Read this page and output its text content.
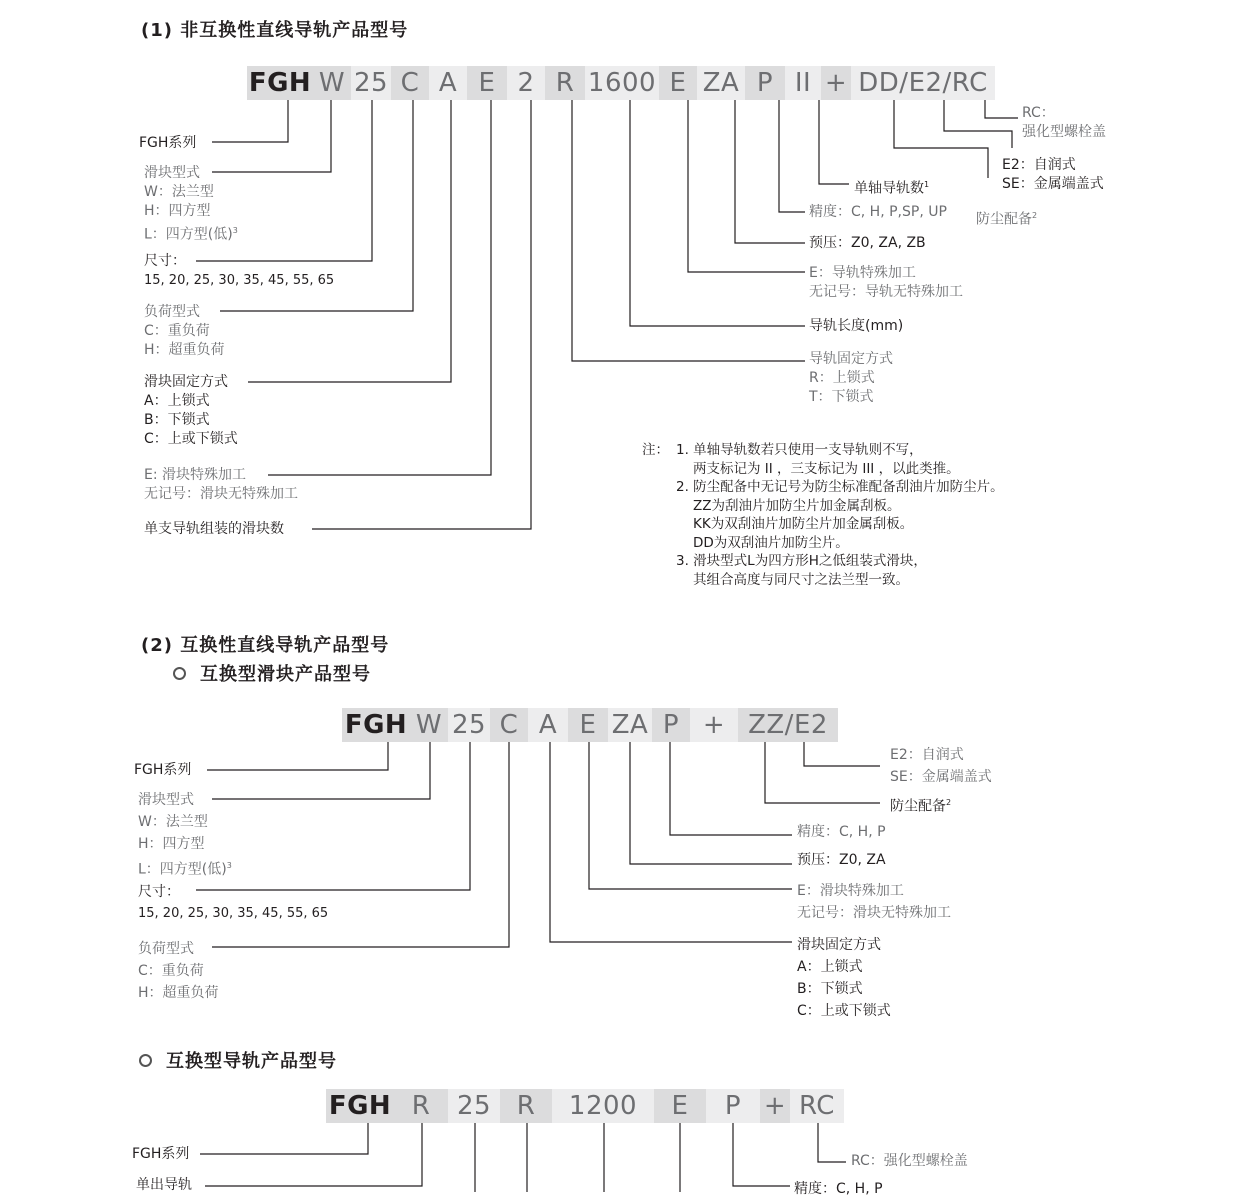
(1) 非互换性直线导轨产品型号
FGH W 25 C A E 2 R 1600 E ZA P II + DD/E2/RC
FGH系列
滑块型式
W：法兰型
H：四方型
L：四方型(低)$^3$
尺寸：
15, 20, 25, 30, 35, 45, 55, 65
负荷型式
C：重负荷
H：超重负荷
滑块固定方式
A：上锁式
B：下锁式
C：上或下锁式
E: 滑块特殊加工
无记号：滑块无特殊加工
单支导轨组装的滑块数
RC：
强化型螺栓盖
E2：自润式
SE：金属端盖式
防尘配备$^2$
单轴导轨数$^1$
精度：C, H, P,SP, UP
预压：Z0, ZA, ZB
E：导轨特殊加工
无记号：导轨无特殊加工
导轨长度(mm)
导轨固定方式
R：上锁式
T：下锁式
注： 1. 单轴导轨数若只使用一支导轨则不写，
两支标记为 II ，三支标记为 III ，以此类推。
2. 防尘配备中无记号为防尘标准配备刮油片加防尘片。
ZZ为刮油片加防尘片加金属刮板。
KK为双刮油片加防尘片加金属刮板。
DD为双刮油片加防尘片。
3. 滑块型式L为四方形H之低组装式滑块，
其组合高度与同尺寸之法兰型一致。
(2) 互换性直线导轨产品型号
互换型滑块产品型号
FGH W 25 C A E ZA P + ZZ/E2
FGH系列
滑块型式
W：法兰型
H：四方型
L：四方型(低)$^3$
尺寸：
15, 20, 25, 30, 35, 45, 55, 65
负荷型式
C：重负荷
H：超重负荷
E2：自润式
SE：金属端盖式
防尘配备$^2$
精度：C, H, P
预压：Z0, ZA
E：滑块特殊加工
无记号：滑块无特殊加工
滑块固定方式
A：上锁式
B：下锁式
C：上或下锁式
互换型导轨产品型号
FGH R	25 R	1200	E	P + RC
FGH系列
单出导轨
RC：强化型螺栓盖
精度：C, H, P
